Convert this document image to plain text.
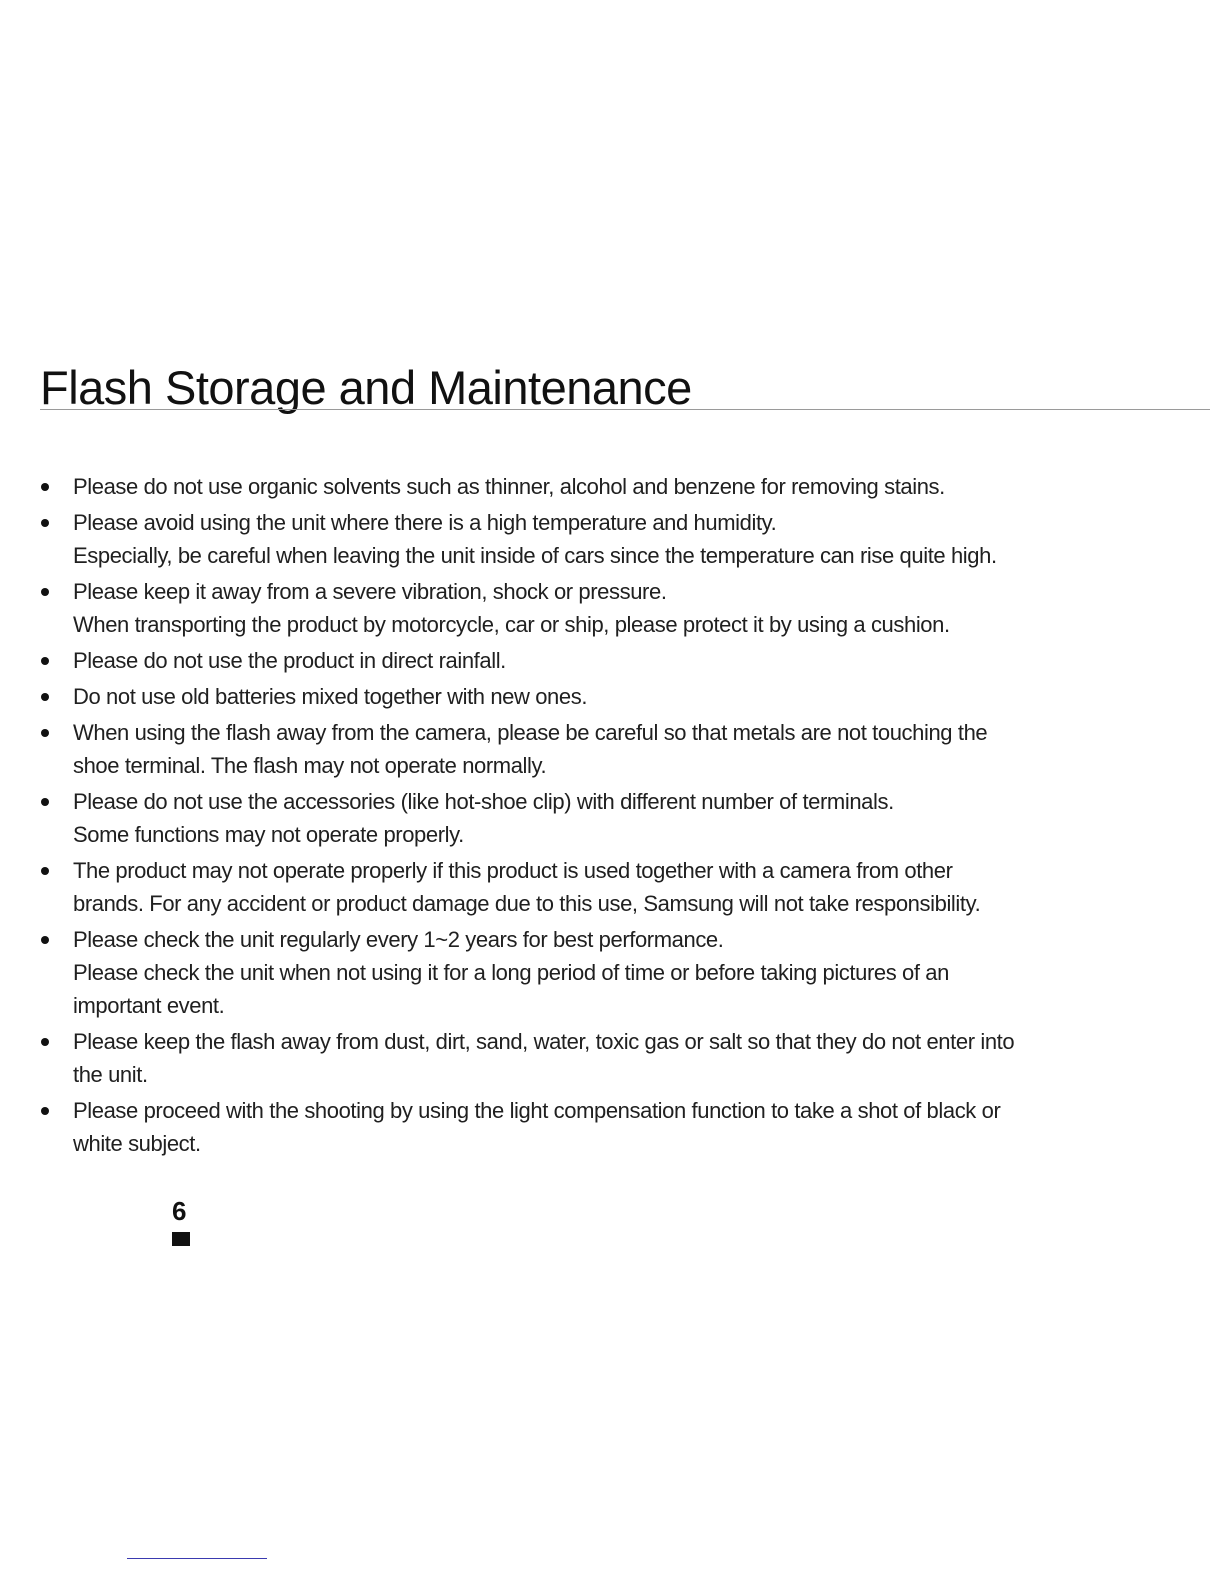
Flash Storage and Maintenance
Please do not use organic solvents such as thinner, alcohol and benzene for removing stains.
Please avoid using the unit where there is a high temperature and humidity.
Especially, be careful when leaving the unit inside of cars since the temperature can rise quite high.
Please keep it away from a severe vibration, shock or pressure.
When transporting the product by motorcycle, car or ship, please protect it by using a cushion.
Please do not use the product in direct rainfall.
Do not use old batteries mixed together with new ones.
When using the flash away from the camera, please be careful so that metals are not touching the
shoe terminal. The flash may not operate normally.
Please do not use the accessories (like hot-shoe clip) with different number of terminals.
Some functions may not operate properly.
The product may not operate properly if this product is used together with a camera from other
brands. For any accident or product damage due to this use, Samsung will not take responsibility.
Please check the unit regularly every 1~2 years for best performance.
Please check the unit when not using it for a long period of time or before taking pictures of an
important event.
Please keep the flash away from dust, dirt, sand, water, toxic gas or salt so that they do not enter into
the unit.
Please proceed with the shooting by using the light compensation function to take a shot of black or
white subject.
6
